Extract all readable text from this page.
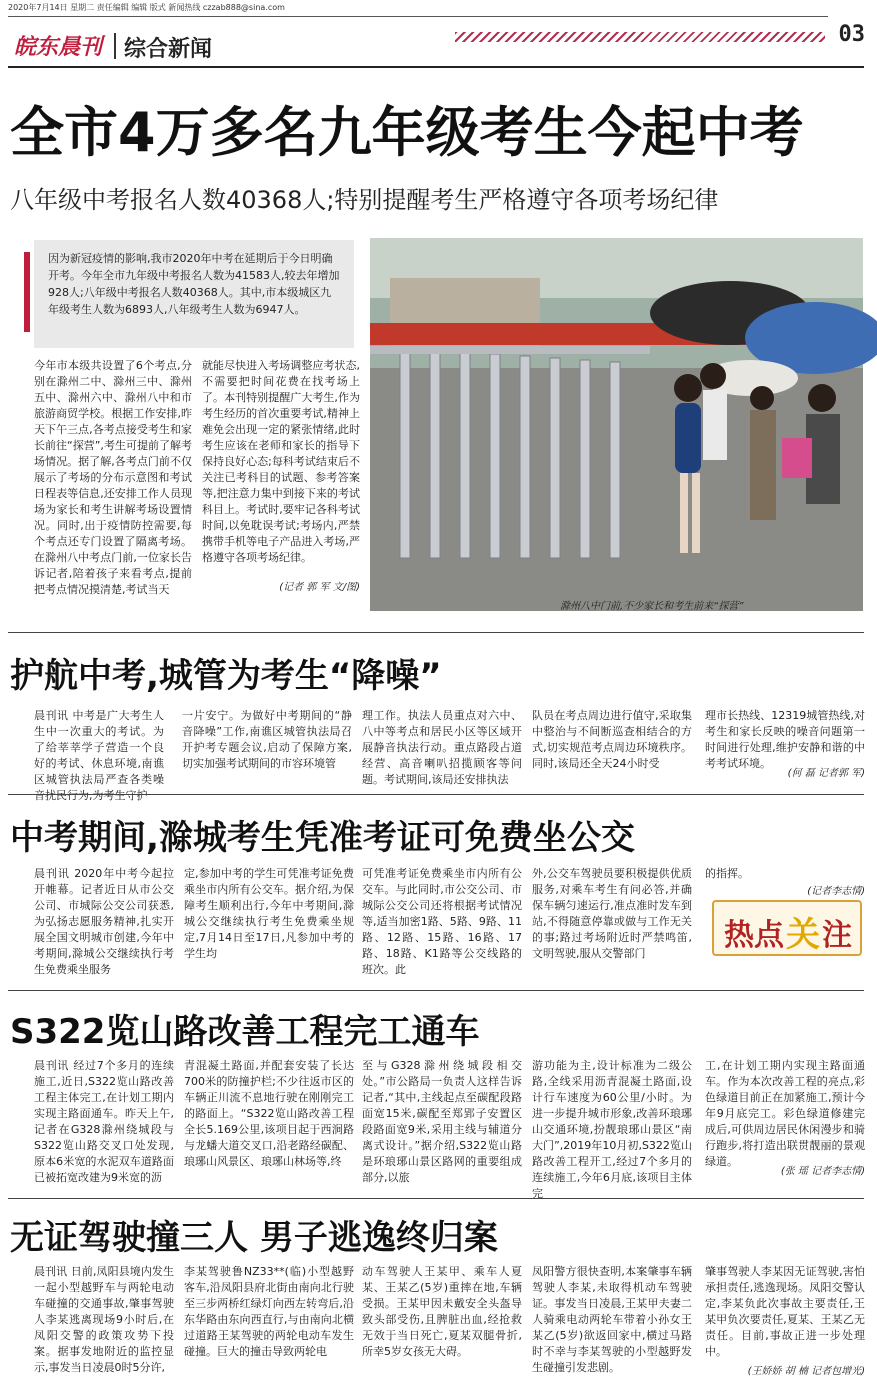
2020年7月14日 星期二 责任编辑 编辑 版式 新闻热线 czzab888@sina.com
03
皖东晨刊 综合新闻
全市4万多名九年级考生今起中考
八年级中考报名人数40368人;特别提醒考生严格遵守各项考场纪律
因为新冠疫情的影响,我市2020年中考在延期后于今日明确开考。今年全市九年级中考报名人数为41583人,较去年增加928人;八年级中考报名人数40368人。其中,市本级城区九年级考生人数为6893人,八年级考生人数为6947人。
今年市本级共设置了6个考点,分别在滁州二中、滁州三中、滁州五中、滁州六中、滁州八中和市旅游商贸学校。根据工作安排,昨天下午三点,各考点接受考生和家长前往“探营”,考生可提前了解考场情况。据了解,各考点门前不仅展示了考场的分布示意图和考试日程表等信息,还安排工作人员现场为家长和考生讲解考场设置情况。同时,出于疫情防控需要,每个考点还专门设置了隔离考场。在滁州八中考点门前,一位家长告诉记者,陪着孩子来看考点,提前把考点情况摸清楚,考试当天
就能尽快进入考场调整应考状态,不需要把时间花费在找考场上了。本刊特别提醒广大考生,作为考生经历的首次重要考试,精神上难免会出现一定的紧张情绪,此时考生应该在老师和家长的指导下保持良好心态;每科考试结束后不关注已考科目的试题、参考答案等,把注意力集中到接下来的考试科目上。考试时,要牢记各科考试时间,以免耽误考试;考场内,严禁携带手机等电子产品进入考场,严格遵守各项考场纪律。
(记者 郭 军 文/图)
滁州八中门前,不少家长和考生前来“探营”
护航中考,城管为考生“降噪”
晨刊讯 中考是广大考生人生中一次重大的考试。为了给莘莘学子营造一个良好的考试、休息环境,南谯区城管执法局严查各类噪音扰民行为,为考生守护
一片安宁。为做好中考期间的“静音降噪”工作,南谯区城管执法局召开护考专题会议,启动了保障方案,切实加强考试期间的市容环境管
理工作。执法人员重点对六中、八中等考点和居民小区等区域开展静音执法行动。重点路段占道经营、高音喇叭招揽顾客等问题。考试期间,该局还安排执法
队员在考点周边进行值守,采取集中整治与不间断巡查相结合的方式,切实规范考点周边环境秩序。同时,该局还全天24小时受
理市长热线、12319城管热线,对考生和家长反映的噪音问题第一时间进行处理,维护安静和谐的中考考试环境。
(何 磊 记者郭 军)
中考期间,滁城考生凭准考证可免费坐公交
晨刊讯 2020年中考今起拉开帷幕。记者近日从市公交公司、市城际公交公司获悉,为弘扬志愿服务精神,扎实开展全国文明城市创建,今年中考期间,滁城公交继续执行考生免费乘坐服务
定,参加中考的学生可凭准考证免费乘坐市内所有公交车。据介绍,为保障考生顺利出行,今年中考期间,滁城公交继续执行考生免费乘坐规定,7月14日至17日,凡参加中考的学生均
可凭准考证免费乘坐市内所有公交车。与此同时,市公交公司、市城际公交公司还将根据考试情况等,适当加密1路、5路、9路、11路、12路、15路、16路、17路、18路、K1路等公交线路的班次。此
外,公交车驾驶员要积极提供优质服务,对乘车考生有问必答,并确保车辆匀速运行,准点准时发车到站,不得随意停靠或做与工作无关的事;路过考场附近时严禁鸣笛,文明驾驶,服从交警部门
的指挥。
(记者李志情)
热点 关 注
S322览山路改善工程完工通车
晨刊讯 经过7个多月的连续施工,近日,S322览山路改善工程主体完工,在计划工期内实现主路面通车。昨天上午,记者在G328滁州绕城段与S322览山路交叉口处发现,原本6米宽的水泥双车道路面已被拓宽改建为9米宽的沥
青混凝土路面,并配套安装了长达700米的防撞护栏;不少往返市区的车辆正川流不息地行驶在刚刚完工的路面上。“S322览山路改善工程全长5.169公里,该项目起于西涧路与龙蟠大道交叉口,沿老路经碳配、琅琊山风景区、琅琊山林场等,终
至与G328滁州绕城段相交处。”市公路局一负责人这样告诉记者,“其中,主线起点至碳配段路面宽15米,碳配至郑郢子安置区段路面宽9米,采用主线与辅道分离式设计。”据介绍,S322览山路是环琅琊山景区路网的重要组成部分,以旅
游功能为主,设计标准为二级公路,全线采用沥青混凝土路面,设计行车速度为60公里/小时。为进一步提升城市形象,改善环琅琊山交通环境,扮靓琅琊山景区“南大门”,2019年10月初,S322览山路改善工程开工,经过7个多月的连续施工,今年6月底,该项目主体完
工,在计划工期内实现主路面通车。作为本次改善工程的亮点,彩色绿道目前正在加紧施工,预计今年9月底完工。彩色绿道修建完成后,可供周边居民休闲漫步和骑行跑步,将打造出联贯靓丽的景观绿道。
(张 瑶 记者李志情)
无证驾驶撞三人 男子逃逸终归案
晨刊讯 日前,凤阳县境内发生一起小型越野车与两轮电动车碰撞的交通事故,肇事驾驶人李某逃离现场9小时后,在凤阳交警的政策攻势下投案。据事发地附近的监控显示,事发当日凌晨0时5分许,
李某驾驶鲁NZ33**(临)小型越野客车,沿凤阳县府北街由南向北行驶至三步两桥红绿灯向西左转弯后,沿东华路由东向西直行,与由南向北横过道路王某驾驶的两轮电动车发生碰撞。巨大的撞击导致两轮电
动车驾驶人王某甲、乘车人夏某、王某乙(5岁)重摔在地,车辆受损。王某甲因未戴安全头盔导致头部受伤,且脾脏出血,经抢救无效于当日死亡,夏某双腿骨折,所幸5岁女孩无大碍。
凤阳警方很快查明,本案肇事车辆驾驶人李某,未取得机动车驾驶证。事发当日凌晨,王某甲夫妻二人骑乘电动两轮车带着小孙女王某乙(5岁)欲返回家中,横过马路时不幸与李某驾驶的小型越野发生碰撞引发悲剧。
肇事驾驶人李某因无证驾驶,害怕承担责任,逃逸现场。凤阳交警认定,李某负此次事故主要责任,王某甲负次要责任,夏某、王某乙无责任。目前,事故正进一步处理中。
(王娇娇 胡 楠 记者包增光)
